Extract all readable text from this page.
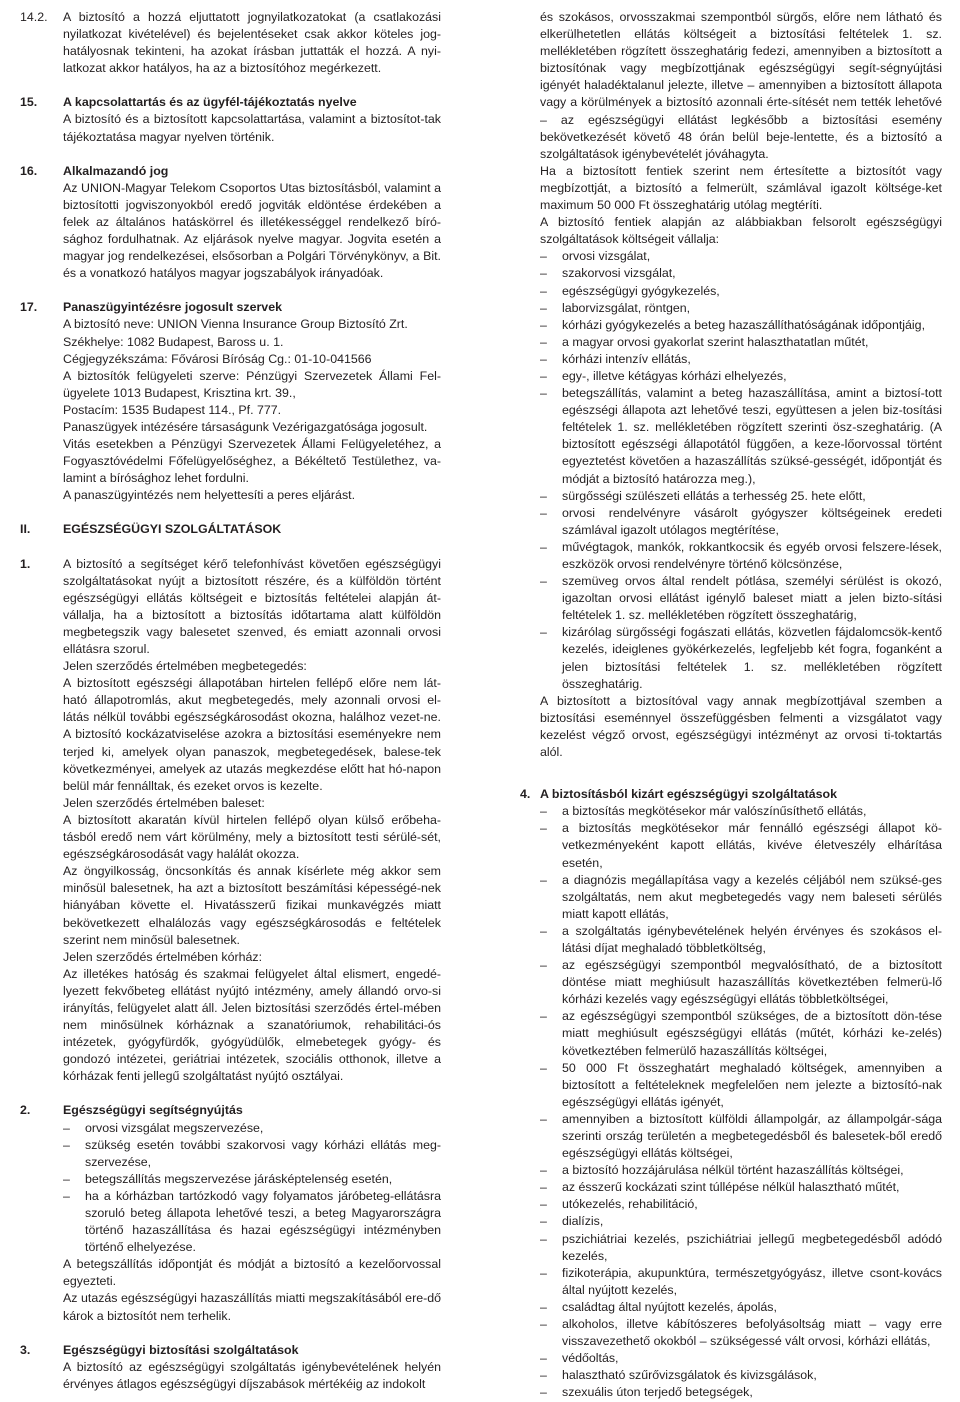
14.2. A biztosító a hozzá eljuttatott jognyilatkozatokat (a csatlakozási nyilatkozat kivételével) és bejelentéseket csak akkor köteles jog-hatályosnak tekinteni, ha azokat írásban juttatták el hozzá. A nyi-latkozat akkor hatályos, ha az a biztosítóhoz megérkezett.

15. A kapcsolattartás és az ügyfél-tájékoztatás nyelve

A biztosító és a biztosított kapcsolattartása, valamint a biztosítot-tak tájékoztatása magyar nyelven történik.

16. Alkalmazandó jog

Az UNION-Magyar Telekom Csoportos Utas biztosításból, valamint a biztosítotti jogviszonyokból eredő jogviták eldöntése érdekében a felek az általános hatáskörrel és illetékességgel rendelkező bíró-sághoz fordulhatnak. Az eljárások nyelve magyar. Jogvita esetén a magyar jog rendelkezései, elsősorban a Polgári Törvénykönyv, a Bit. és a vonatkozó hatályos magyar jogszabályok irányadóak.

17. Panaszügyintézésre jogosult szervek

A biztosító neve: UNION Vienna Insurance Group Biztosító Zrt.

Székhelye: 1082 Budapest, Baross u. 1.

Cégjegyzékszáma: Fővárosi Bíróság Cg.: 01-10-041566

A biztosítók felügyeleti szerve: Pénzügyi Szervezetek Állami Fel-ügyelete 1013 Budapest, Krisztina krt. 39.,

Postacím: 1535 Budapest 114., Pf. 777.

Panaszügyek intézésére társaságunk Vezérigazgatósága jogosult.

Vitás esetekben a Pénzügyi Szervezetek Állami Felügyeletéhez, a Fogyasztóvédelmi Főfelügyelőséghez, a Békéltető Testülethez, va-lamint a bírósághoz lehet fordulni.

A panaszügyintézés nem helyettesíti a peres eljárást.

II.	EGÉSZSÉGÜGYI SZOLGÁLTATÁSOK

1.	A biztosító a segítséget kérő telefonhívást követően egészségügyi szolgáltatásokat nyújt a biztosított részére, és a külföldön történt egészségügyi ellátás költségeit e biztosítás feltételei alapján át-vállalja, ha a biztosított a biztosítás időtartama alatt külföldön megbetegszik vagy balesetet szenved, és emiatt azonnali orvosi ellátásra szorul.

Jelen szerződés értelmében megbetegedés:

A biztosított egészségi állapotában hirtelen fellépő előre nem lát-ható állapotromlás, akut megbetegedés, mely azonnali orvosi el-látás nélkül további egészségkárosodást okozna, halálhoz vezet-ne. A biztosító kockázatviselése azokra a biztosítási eseményekre nem terjed ki, amelyek olyan panaszok, megbetegedések, balese-tek következményei, amelyek az utazás megkezdése előtt hat hó-napon belül már fennálltak, és ezeket orvos is kezelte.

Jelen szerződés értelmében baleset:

A biztosított akaratán kívül hirtelen fellépő olyan külső erőbeha-tásból eredő nem várt körülmény, mely a biztosított testi sérülé-sét, egészségkárosodását vagy halálát okozza.

Az öngyilkosság, öncsonkítás és annak kísérlete még akkor sem minősül balesetnek, ha azt a biztosított beszámítási képességé-nek hiányában követte el. Hivatásszerű fizikai munkavégzés miatt bekövetkezett elhalálozás vagy egészségkárosodás e feltételek szerint nem minősül balesetnek.

Jelen szerződés értelmében kórház:

Az illetékes hatóság és szakmai felügyelet által elismert, engedé-lyezett fekvőbeteg ellátást nyújtó intézmény, amely állandó orvo-si irányítás, felügyelet alatt áll. Jelen biztosítási szerződés értel-mében nem minősülnek kórháznak a szanatóriumok, rehabilitáci-ós intézetek, gyógyfürdők, gyógyüdülők, elmebetegek gyógy- és gondozó intézetei, geriátriai intézetek, szociális otthonok, illetve a kórházak fenti jellegű szolgáltatást nyújtó osztályai.

2.	Egészségügyi segítségnyújtás

– orvosi vizsgálat megszervezése,
– szükség esetén további szakorvosi vagy kórházi ellátás meg-szervezése,
– betegszállítás megszervezése járásképtelenség esetén,
– ha a kórházban tartózkodó vagy folyamatos járóbeteg-ellátásra szoruló beteg állapota lehetővé teszi, a beteg Magyarországra történő hazaszállítása és hazai egészségügyi intézményben történő elhelyezése.

A betegszállítás időpontját és módját a biztosító a kezelőorvossal egyezteti.

Az utazás egészségügyi hazaszállítás miatti megszakításából ere-dő károk a biztosítót nem terhelik.

3.	Egészségügyi biztosítási szolgáltatások

A biztosító az egészségügyi szolgáltatás igénybevételének helyén érvényes átlagos egészségügyi díjszabások mértékéig az indokolt

és szokásos, orvosszakmai szempontból sürgős, előre nem látható és elkerülhetetlen ellátás költségeit a biztosítási feltételek 1. sz. mellékletében rögzített összeghatárig fedezi, amennyiben a biztosított a biztosítónak vagy megbízottjának egészségügyi segít-ségnyújtási igényét haladéktalanul jelezte, illetve – amennyiben a biztosított állapota vagy a körülmények a biztosító azonnali érte-sítését nem tették lehetővé – az egészségügyi ellátást legkésőbb a biztosítási esemény bekövetkezését követő 48 órán belül beje-lentette, és a biztosító a szolgáltatások igénybevételét jóváhagyta.

Ha a biztosított fentiek szerint nem értesítette a biztosítót vagy megbízottját, a biztosító a felmerült, számlával igazolt költsége-ket maximum 50 000 Ft összeghatárig utólag megtéríti.

A biztosító fentiek alapján az alábbiakban felsorolt egészségügyi szolgáltatások költségeit vállalja:

– orvosi vizsgálat,
– szakorvosi vizsgálat,
– egészségügyi gyógykezelés,
– laborvizsgálat, röntgen,
– kórházi gyógykezelés a beteg hazaszállíthatóságának időpontjáig,
– a magyar orvosi gyakorlat szerint halaszthatatlan műtét,
– kórházi intenzív ellátás,
– egy-, illetve kétágyas kórházi elhelyezés,
– betegszállítás, valamint a beteg hazaszállítása, amint a biztosí-tott egészségi állapota azt lehetővé teszi, együttesen a jelen biz-tosítási feltételek 1. sz. mellékletében rögzített szerinti ösz-szeghatárig. (A biztosított egészségi állapotától függően, a keze-lőorvossal történt egyeztetést követően a hazaszállítás szüksé-gességét, időpontját és módját a biztosító határozza meg.),
– sürgősségi szülészeti ellátás a terhesség 25. hete előtt,
– orvosi rendelvényre vásárolt gyógyszer költségeinek eredeti számlával igazolt utólagos megtérítése,
– művégtagok, mankók, rokkantkocsik és egyéb orvosi felszere-lések, eszközök orvosi rendelvényre történő kölcsönzése,
– szemüveg orvos által rendelt pótlása, személyi sérülést is okozó, igazoltan orvosi ellátást igénylő baleset miatt a jelen bizto-sítási feltételek 1. sz. mellékletében rögzített összeghatárig,
– kizárólag sürgősségi fogászati ellátás, közvetlen fájdalomcsök-kentő kezelés, ideiglenes gyökérkezelés, legfeljebb két fogra, foganként a jelen biztosítási feltételek 1. sz. mellékletében rögzített összeghatárig.

A biztosított a biztosítóval vagy annak megbízottjával szemben a biztosítási eseménnyel összefüggésben felmenti a vizsgálatot vagy kezelést végző orvost, egészségügyi intézményt az orvosi ti-toktartás alól.

4. A biztosításból kizárt egészségügyi szolgáltatások

– a biztosítás megkötésekor már valószínűsíthető ellátás,
– a biztosítás megkötésekor már fennálló egészségi állapot kö-vetkezményeként kapott ellátás, kivéve életveszély elhárítása esetén,
– a diagnózis megállapítása vagy a kezelés céljából nem szüksé-ges szolgáltatás, nem akut megbetegedés vagy nem baleseti sérülés miatt kapott ellátás,
– a szolgáltatás igénybevételének helyén érvényes és szokásos el-látási díjat meghaladó többletköltség,
– az egészségügyi szempontból megvalósítható, de a biztosított döntése miatt meghiúsult hazaszállítás következtében felmerü-lő kórházi kezelés vagy egészségügyi ellátás többletköltségei,
– az egészségügyi szempontból szükséges, de a biztosított dön-tése miatt meghiúsult egészségügyi ellátás (műtét, kórházi ke-zelés) következtében felmerülő hazaszállítás költségei,
– 50 000 Ft összeghatárt meghaladó költségek, amennyiben a biztosított a feltételeknek megfelelően nem jelezte a biztosító-nak egészségügyi ellátás igényét,
– amennyiben a biztosított külföldi állampolgár, az állampolgár-sága szerinti ország területén a megbetegedésből és balesetek-ből eredő egészségügyi ellátás költségei,
– a biztosító hozzájárulása nélkül történt hazaszállítás költségei,
– az ésszerű kockázati szint túllépése nélkül halasztható műtét,
– utókezelés, rehabilitáció,
– dialízis,
– pszichiátriai kezelés, pszichiátriai jellegű megbetegedésből adódó kezelés,
– fizikoterápia, akupunktúra, természetgyógyász, illetve csont-kovács által nyújtott kezelés,
– családtag által nyújtott kezelés, ápolás,
– alkoholos, illetve kábítószeres befolyásoltság miatt – vagy erre visszavezethető okokból – szükségessé vált orvosi, kórházi ellátás,
– védőoltás,
– halasztható szűrővizsgálatok és kivizsgálások,
– szexuális úton terjedő betegségek,
